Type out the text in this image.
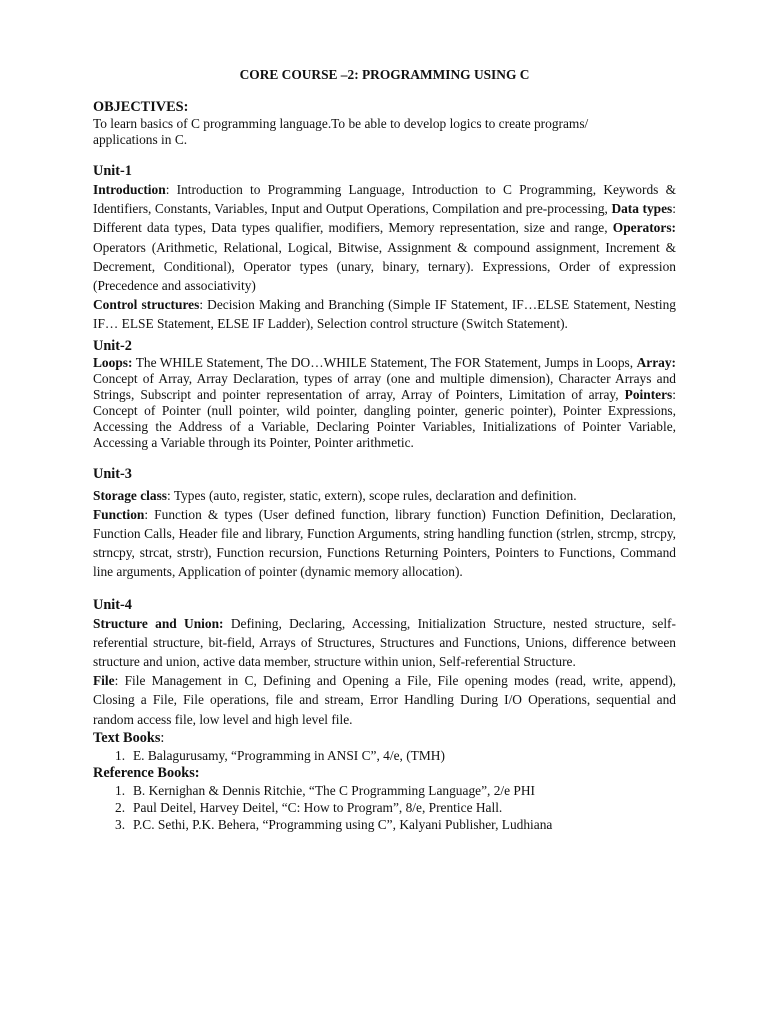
CORE COURSE –2: PROGRAMMING USING C
OBJECTIVES:
To learn basics of C programming language.To be able to develop logics to create programs/
applications in C.
Unit-1
Introduction: Introduction to Programming Language, Introduction to C Programming, Keywords & Identifiers, Constants, Variables, Input and Output Operations, Compilation and pre-processing, Data types: Different data types, Data types qualifier, modifiers, Memory representation, size and range, Operators: Operators (Arithmetic, Relational, Logical, Bitwise, Assignment & compound assignment, Increment & Decrement, Conditional), Operator types (unary, binary, ternary). Expressions, Order of expression (Precedence and associativity)
Control structures: Decision Making and Branching (Simple IF Statement, IF…ELSE Statement, Nesting IF… ELSE Statement, ELSE IF Ladder), Selection control structure (Switch Statement).
Unit-2
Loops: The WHILE Statement, The DO…WHILE Statement, The FOR Statement, Jumps in Loops, Array: Concept of Array, Array Declaration, types of array (one and multiple dimension), Character Arrays and Strings, Subscript and pointer representation of array, Array of Pointers, Limitation of array, Pointers: Concept of Pointer (null pointer, wild pointer, dangling pointer, generic pointer), Pointer Expressions, Accessing the Address of a Variable, Declaring Pointer Variables, Initializations of Pointer Variable, Accessing a Variable through its Pointer, Pointer arithmetic.
Unit-3
Storage class: Types (auto, register, static, extern), scope rules, declaration and definition.
Function: Function & types (User defined function, library function) Function Definition, Declaration, Function Calls, Header file and library, Function Arguments, string handling function (strlen, strcmp, strcpy, strncpy, strcat, strstr), Function recursion, Functions Returning Pointers, Pointers to Functions, Command line arguments, Application of pointer (dynamic memory allocation).
Unit-4
Structure and Union: Defining, Declaring, Accessing, Initialization Structure, nested structure, self-referential structure, bit-field, Arrays of Structures, Structures and Functions, Unions, difference between structure and union, active data member, structure within union, Self-referential Structure.
File: File Management in C, Defining and Opening a File, File opening modes (read, write, append), Closing a File, File operations, file and stream, Error Handling During I/O Operations, sequential and random access file, low level and high level file.
Text Books:
1. E. Balagurusamy, “Programming in ANSI C”, 4/e, (TMH)
Reference Books:
1. B. Kernighan & Dennis Ritchie, “The C Programming Language”, 2/e PHI
2. Paul Deitel, Harvey Deitel, “C: How to Program”, 8/e, Prentice Hall.
3. P.C. Sethi, P.K. Behera, “Programming using C”, Kalyani Publisher, Ludhiana
